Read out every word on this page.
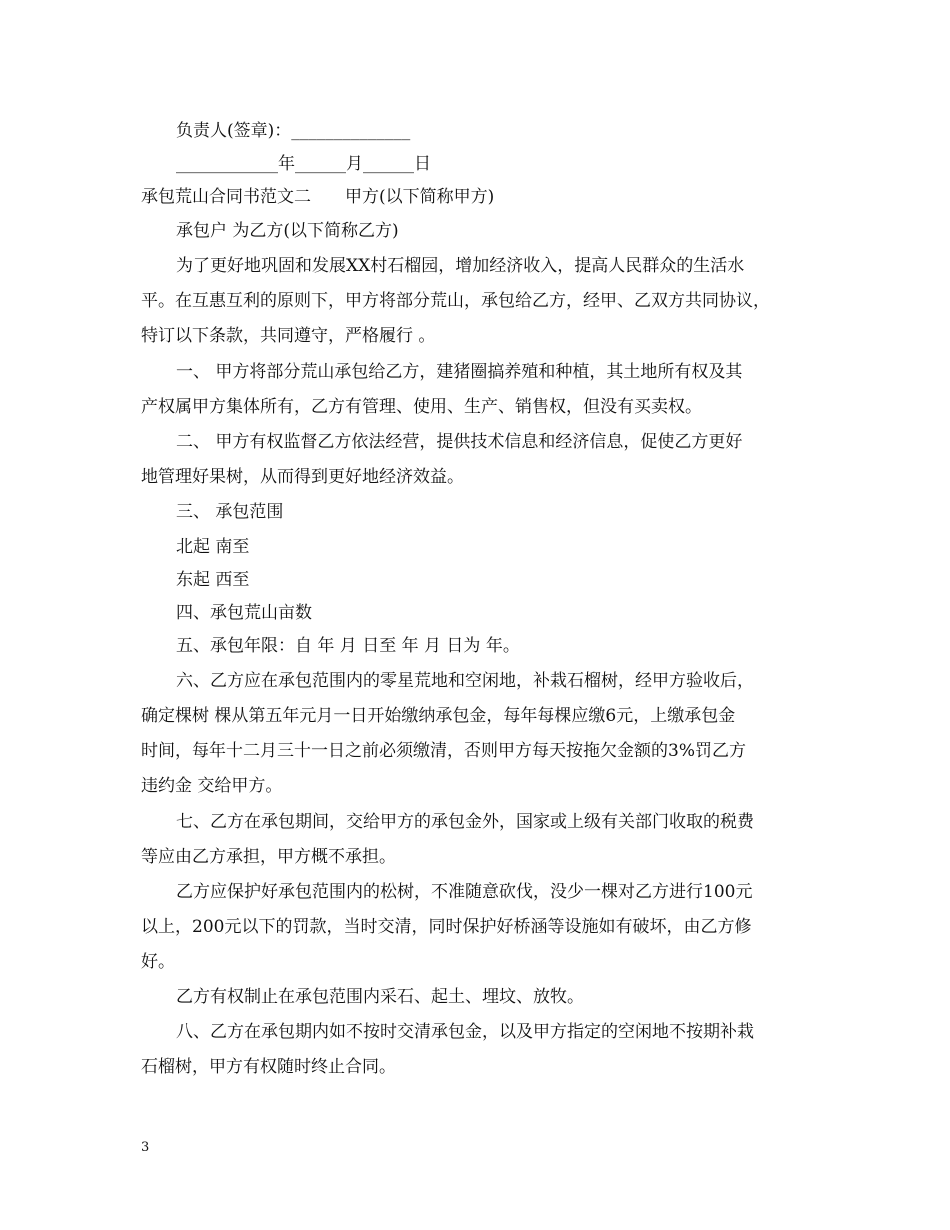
负责人(签章)：______________

____________年______月______日

承包荒山合同书范文二　　甲方(以下简称甲方)

承包户 为乙方(以下简称乙方)

为了更好地巩固和发展XX村石榴园，增加经济收入，提高人民群众的生活水

平。在互惠互利的原则下，甲方将部分荒山，承包给乙方，经甲、乙双方共同协议，

特订以下条款，共同遵守，严格履行 。

一、 甲方将部分荒山承包给乙方，建猪圈搞养殖和种植，其土地所有权及其

产权属甲方集体所有，乙方有管理、使用、生产、销售权，但没有买卖权。

二、 甲方有权监督乙方依法经营，提供技术信息和经济信息，促使乙方更好

地管理好果树，从而得到更好地经济效益。

三、 承包范围

北起 南至

东起 西至

四、承包荒山亩数

五、承包年限：自 年 月 日至 年 月 日为 年。

六、乙方应在承包范围内的零星荒地和空闲地，补栽石榴树，经甲方验收后，

确定棵树 棵从第五年元月一日开始缴纳承包金，每年每棵应缴6元，上缴承包金

时间，每年十二月三十一日之前必须缴清，否则甲方每天按拖欠金额的3%罚乙方

违约金 交给甲方。

七、乙方在承包期间，交给甲方的承包金外，国家或上级有关部门收取的税费

等应由乙方承担，甲方概不承担。

乙方应保护好承包范围内的松树，不准随意砍伐，没少一棵对乙方进行100元

以上，200元以下的罚款，当时交清，同时保护好桥涵等设施如有破坏，由乙方修

好。

乙方有权制止在承包范围内采石、起土、埋坟、放牧。

八、乙方在承包期内如不按时交清承包金，以及甲方指定的空闲地不按期补栽

石榴树，甲方有权随时终止合同。

3
